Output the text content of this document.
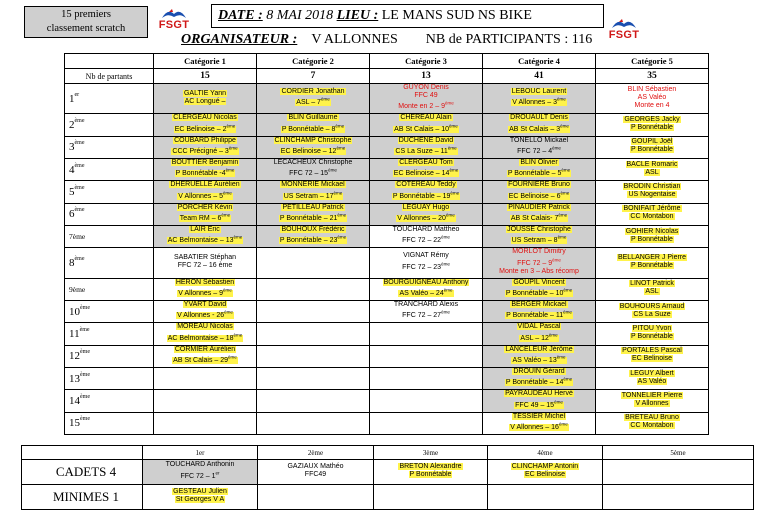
15 premiers
classement scratch	FSGT
FSGT
DATE : 8 MAI 2018 LIEU : LE MANS SUD NS BIKE
ORGANISATEUR : V ALLONNES NB de PARTICIPANTS : 116
	Catégorie 1	Catégorie 2	Catégorie 3	Catégorie 4	Catégorie 5
Nb de partants	15	7	13	41	35
1er	GALTIE Yann
AC Longué –	CORDIER Jonathan
ASL – 7ème	GUYON Denis
FFC 49
Monte en 2 – 9ème	LEBOUC Laurent
V Allonnes – 3ème	BLIN Sébastien
AS Valéo
Monte en 4

2ème	CLERGEAU Nicolas
EC Belinoise – 2ème	BLIN Guillaume
P Bonnétable – 8ème	CHEREAU Alain
AB St Calais – 10ème	DROUAULT Denis
AB St Calais – 3ème	GEORGES Jacky
P Bonnétable

3ème	COUBARD Philippe
CCC Précigné – 3ème	CLINCHAMP Christophe
EC Belinoise – 12ème	DUCHENE David
CS La Suze – 11ème	TONELLO Mickael
FFC 72 – 4ème	GOUPIL Joël
P Bonnétable

4ème	BOUTTIER Benjamin
P Bonnétable -4ème	LECACHEUX Christophe
FFC 72 – 15ème	CLERGEAU Tom
EC Belinoise – 14ème	BLIN Olivier
P Bonnétable – 5ème	BACLE Romaric
ASL

5ème	DHERUELLE Aurélien
V Allonnes – 5ème	MONNERIE Mickael
US Setram – 17ème	COTEREAU Teddy
P Bonnétable – 19ème	FOURNIERE Bruno
EC Belinoise – 6ème	BRODIN Christian
US Nogentaise

6ème	PORCHER Kévin
Team RM – 6ème	PETILLEAU Patrick
P Bonnétable – 21ème	LEGUAY Hugo
V Allonnes – 20ème	PINAUDIER Patrick
AB St Calais- 7ème	BONIFAIT Jérôme
CC Montabon

7ème	LAIR Eric
AC Belmontaise – 13ème	BOUHOUX Frédéric
P Bonnétable – 23ème	TOUCHARD Mattheo
FFC 72 – 22ème	JOUSSE Christophe
US Setram – 8ème	GOHIER Nicolas
P Bonnétable

8ème	SABATIER Stéphan
FFC 72 – 16 ème		VIGNAT Rémy
FFC 72 – 23ème	MORLOT Dimitry
FFC 72 – 9ème
Monte en 3 – Abs récomp	BELLANGER J Pierre
P Bonnétable

9ème	HERON Sébastien
V Allonnes – 9ème		BOURGUIGNEAU Anthony
AS Valéo – 24ème	GOUPIL Vincent
P Bonnétable – 10ème	LINOT Patrick
ASL

10ème	YVART David
V Allonnes - 26ème		TRANCHARD Alexis
FFC 72 – 27ème	BERGER Mickael
P Bonnétable – 11ème	BOUHOURS Arnaud
CS La Suze

11ème	MOREAU Nicolas
AC Belmontaise – 18ème			VIDAL Pascal
ASL – 12ème	PITOU Yvon
P Bonnétable

12ème	CORMIER Aurélien
AB St Calais – 29ème			LANCELEUR Jérôme
AS Valéo – 13ème	PORTALES Pascal
EC Belinoise

13ème				DROUIN Gérard
P Bonnétable – 14ème	LEGUY Albert
AS Valéo

14ème				PAYRAUDEAU Hervé
FFC 49 – 15ème	TONNELIER Pierre
V Allonnes

15ème				TESSIER Michel
V Allonnes – 16ème	BRETEAU Bruno
CC Montabon
	1er	2ème	3ème	4ème	5ème
CADETS 4	TOUCHARD Anthonin
FFC 72 – 1er	GAZIAUX Mathéo
FFC49	BRETON Alexandre
P Bonnétable	CLINCHAMP Antonin
EC Belinoise	

MINIMES 1	GESTEAU Julien
St Georges V A				
